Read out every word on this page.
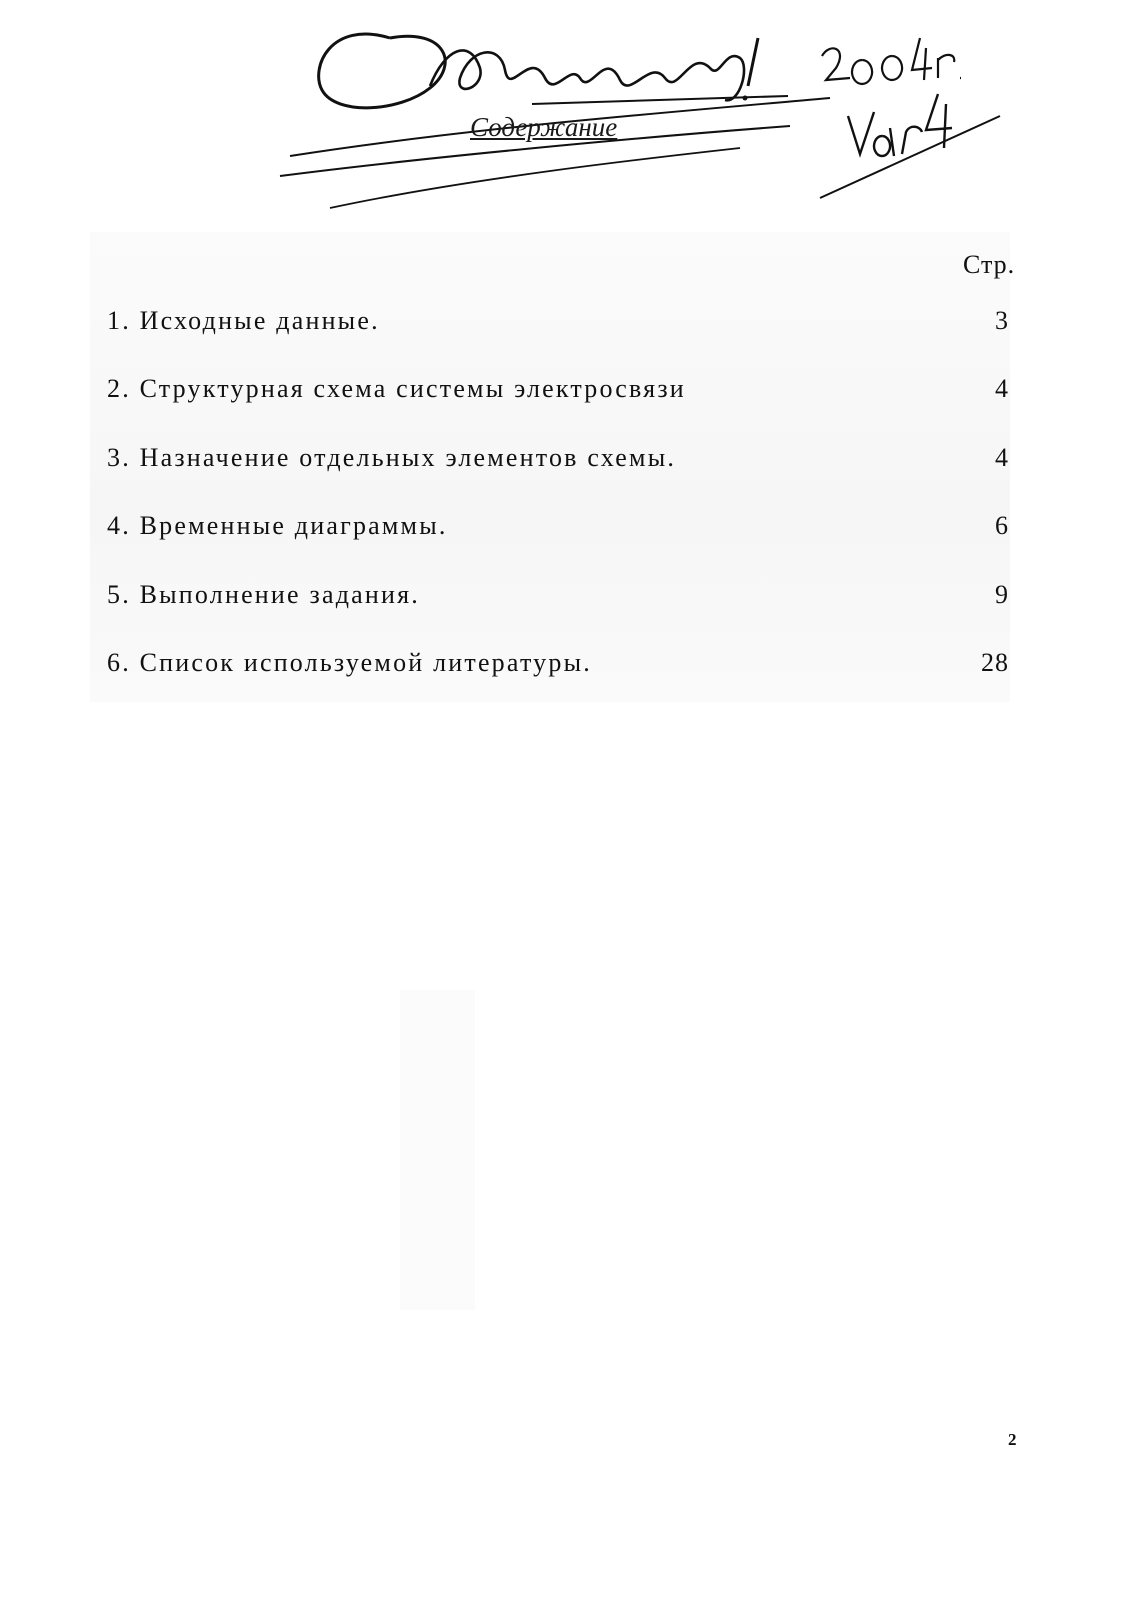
Содержание
Стр.
1. Исходные данные.	3
2. Структурная схема системы электросвязи	4
3. Назначение отдельных элементов схемы.	4
4. Временные диаграммы.	6
5. Выполнение задания.	9
6. Список используемой литературы.	28
2
